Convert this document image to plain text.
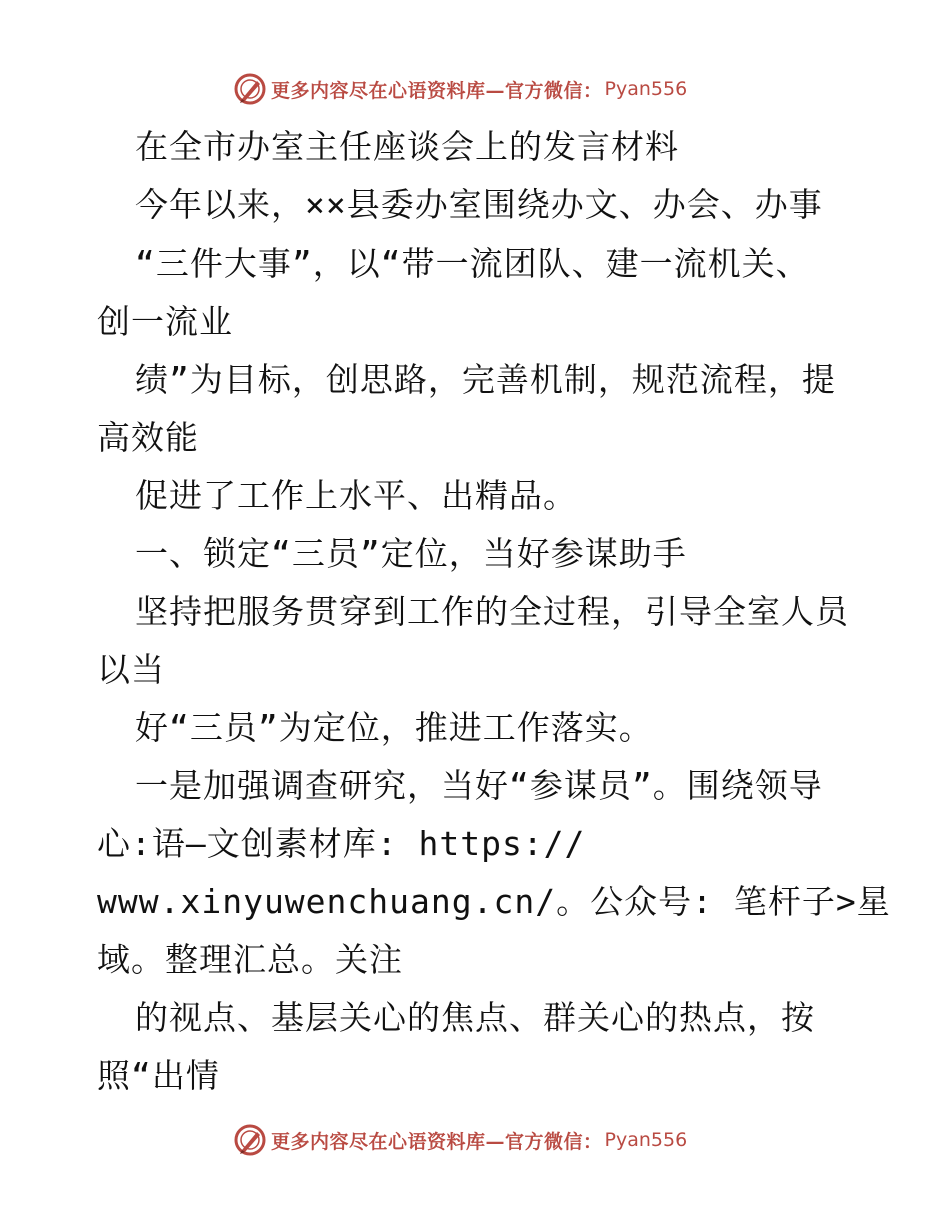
更多内容尽在心语资料库—官方微信： Pyan556
在全市办室主任座谈会上的发言材料
今年以来，××县委办室围绕办文、办会、办事
“三件大事”，以“带一流团队、建一流机关、
创一流业
绩”为目标，创思路，完善机制，规范流程，提
高效能
促进了工作上水平、出精品。
一、锁定“三员”定位，当好参谋助手
坚持把服务贯穿到工作的全过程，引导全室人员
以当
好“三员”为定位，推进工作落实。
一是加强调查研究，当好“参谋员”。围绕领导
心:语—文创素材库: https://
www.xinyuwenchuang.cn/。公众号: 笔杆子>星
域。整理汇总。关注
的视点、基层关心的焦点、群关心的热点，按
照“出情
更多内容尽在心语资料库—官方微信： Pyan556
